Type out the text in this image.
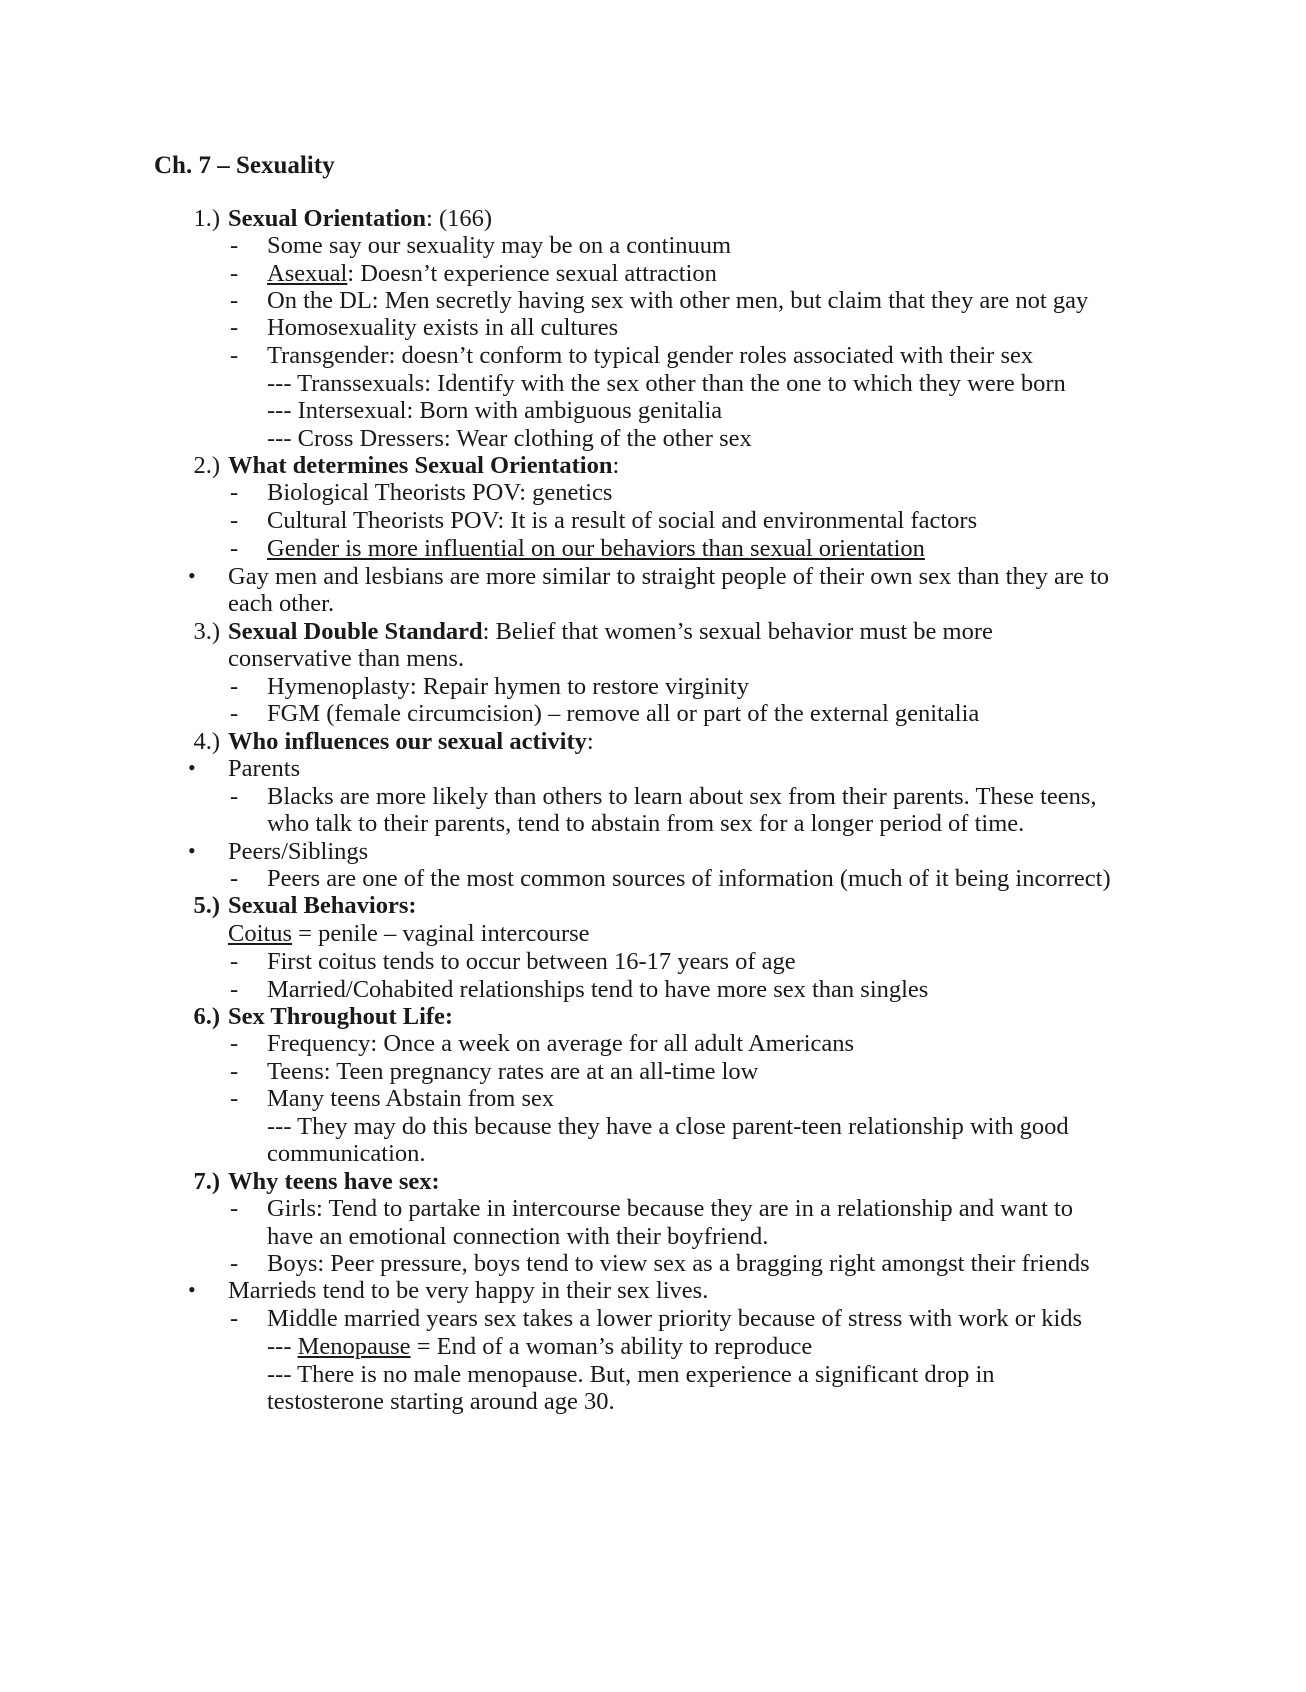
Ch. 7 – Sexuality
1.) Sexual Orientation: (166)
- Some say our sexuality may be on a continuum
- Asexual: Doesn’t experience sexual attraction
- On the DL: Men secretly having sex with other men, but claim that they are not gay
- Homosexuality exists in all cultures
- Transgender: doesn’t conform to typical gender roles associated with their sex
--- Transsexuals: Identify with the sex other than the one to which they were born
--- Intersexual: Born with ambiguous genitalia
--- Cross Dressers: Wear clothing of the other sex
2.) What determines Sexual Orientation:
- Biological Theorists POV: genetics
- Cultural Theorists POV: It is a result of social and environmental factors
- Gender is more influential on our behaviors than sexual orientation
• Gay men and lesbians are more similar to straight people of their own sex than they are to
each other.
3.) Sexual Double Standard: Belief that women’s sexual behavior must be more
conservative than mens.
- Hymenoplasty: Repair hymen to restore virginity
- FGM (female circumcision) – remove all or part of the external genitalia
4.) Who influences our sexual activity:
• Parents
- Blacks are more likely than others to learn about sex from their parents. These teens,
who talk to their parents, tend to abstain from sex for a longer period of time.
• Peers/Siblings
- Peers are one of the most common sources of information (much of it being incorrect)
5.) Sexual Behaviors:
Coitus = penile – vaginal intercourse
- First coitus tends to occur between 16-17 years of age
- Married/Cohabited relationships tend to have more sex than singles
6.) Sex Throughout Life:
- Frequency: Once a week on average for all adult Americans
- Teens: Teen pregnancy rates are at an all-time low
- Many teens Abstain from sex
--- They may do this because they have a close parent-teen relationship with good
communication.
7.) Why teens have sex:
- Girls: Tend to partake in intercourse because they are in a relationship and want to
have an emotional connection with their boyfriend.
- Boys: Peer pressure, boys tend to view sex as a bragging right amongst their friends
• Marrieds tend to be very happy in their sex lives.
- Middle married years sex takes a lower priority because of stress with work or kids
--- Menopause = End of a woman’s ability to reproduce
--- There is no male menopause. But, men experience a significant drop in
testosterone starting around age 30.
